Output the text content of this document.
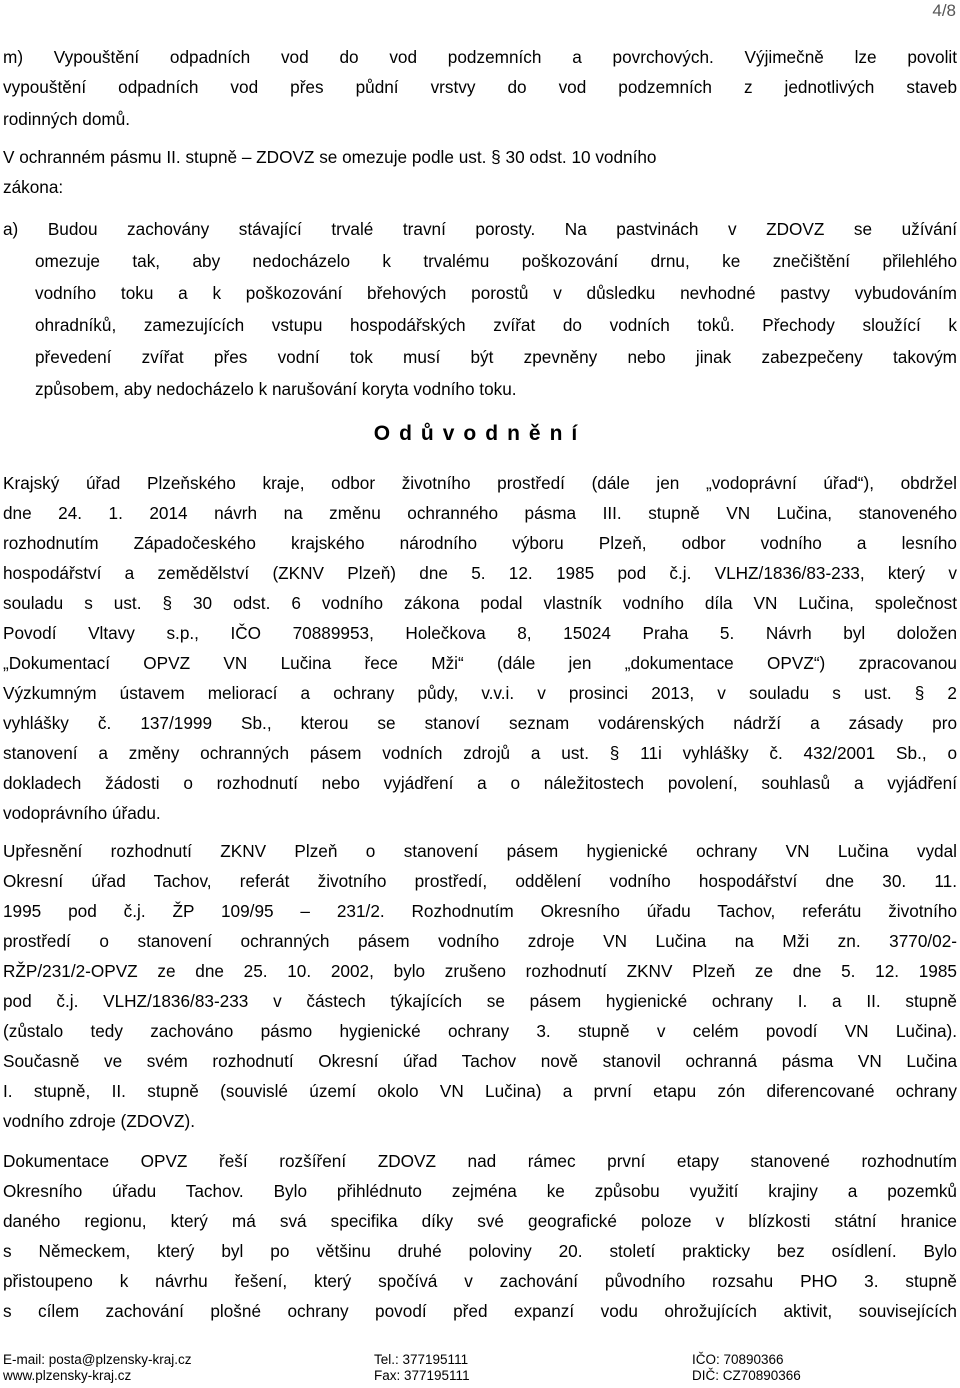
4/8
m) Vypouštění odpadních vod do vod podzemních a povrchových. Výjimečně lze povolit
vypouštění odpadních vod přes půdní vrstvy do vod podzemních z jednotlivých staveb
rodinných domů.
V ochranném pásmu II. stupně – ZDOVZ se omezuje podle ust. § 30 odst. 10 vodního
zákona:
a) Budou zachovány stávající trvalé travní porosty. Na pastvinách v ZDOVZ se užívání
omezuje tak, aby nedocházelo k trvalému poškozování drnu, ke znečištění přilehlého
vodního toku a k poškozování břehových porostů v důsledku nevhodné pastvy vybudováním
ohradníků, zamezujících vstupu hospodářských zvířat do vodních toků. Přechody sloužící k
převedení zvířat přes vodní tok musí být zpevněny nebo jinak zabezpečeny takovým
způsobem, aby nedocházelo k narušování koryta vodního toku.
Krajský úřad Plzeňského kraje, odbor životního prostředí (dále jen „vodoprávní úřad“), obdržel
dne 24. 1. 2014 návrh na změnu ochranného pásma III. stupně VN Lučina, stanoveného
rozhodnutím Západočeského krajského národního výboru Plzeň, odbor vodního a lesního
hospodářství a zemědělství (ZKNV Plzeň) dne 5. 12. 1985 pod č.j. VLHZ/1836/83-233, který v
souladu s ust. § 30 odst. 6 vodního zákona podal vlastník vodního díla VN Lučina, společnost
Povodí Vltavy s.p., IČO 70889953, Holečkova 8, 15024 Praha 5. Návrh byl doložen
„Dokumentací OPVZ VN Lučina řece Mži“ (dále jen „dokumentace OPVZ“) zpracovanou
Výzkumným ústavem meliorací a ochrany půdy, v.v.i. v prosinci 2013, v souladu s ust. § 2
vyhlášky č. 137/1999 Sb., kterou se stanoví seznam vodárenských nádrží a zásady pro
stanovení a změny ochranných pásem vodních zdrojů a ust. § 11i vyhlášky č. 432/2001 Sb., o
dokladech žádosti o rozhodnutí nebo vyjádření a o náležitostech povolení, souhlasů a vyjádření
vodoprávního úřadu.
Upřesnění rozhodnutí ZKNV Plzeň o stanovení pásem hygienické ochrany VN Lučina vydal
Okresní úřad Tachov, referát životního prostředí, oddělení vodního hospodářství dne 30. 11.
1995 pod č.j. ŽP 109/95 – 231/2. Rozhodnutím Okresního úřadu Tachov, referátu životního
prostředí o stanovení ochranných pásem vodního zdroje VN Lučina na Mži zn. 3770/02-
RŽP/231/2-OPVZ ze dne 25. 10. 2002, bylo zrušeno rozhodnutí ZKNV Plzeň ze dne 5. 12. 1985
pod č.j. VLHZ/1836/83-233 v částech týkajících se pásem hygienické ochrany I. a II. stupně
(zůstalo tedy zachováno pásmo hygienické ochrany 3. stupně v celém povodí VN Lučina).
Současně ve svém rozhodnutí Okresní úřad Tachov nově stanovil ochranná pásma VN Lučina
I. stupně, II. stupně (souvislé území okolo VN Lučina) a první etapu zón diferencované ochrany
vodního zdroje (ZDOVZ).
Dokumentace OPVZ řeší rozšíření ZDOVZ nad rámec první etapy stanovené rozhodnutím
Okresního úřadu Tachov. Bylo přihlédnuto zejména ke způsobu využití krajiny a pozemků
daného regionu, který má svá specifika díky své geografické poloze v blízkosti státní hranice
s Německem, který byl po většinu druhé poloviny 20. století prakticky bez osídlení. Bylo
přistoupeno k návrhu řešení, který spočívá v zachování původního rozsahu PHO 3. stupně
s cílem zachování plošné ochrany povodí před expanzí vodu ohrožujících aktivit, souvisejících
Odůvodnění
E-mail: posta@plzensky-kraj.cz
www.plzensky-kraj.cz
Tel.: 377195111
Fax: 377195111
IČO: 70890366
DIČ: CZ70890366
